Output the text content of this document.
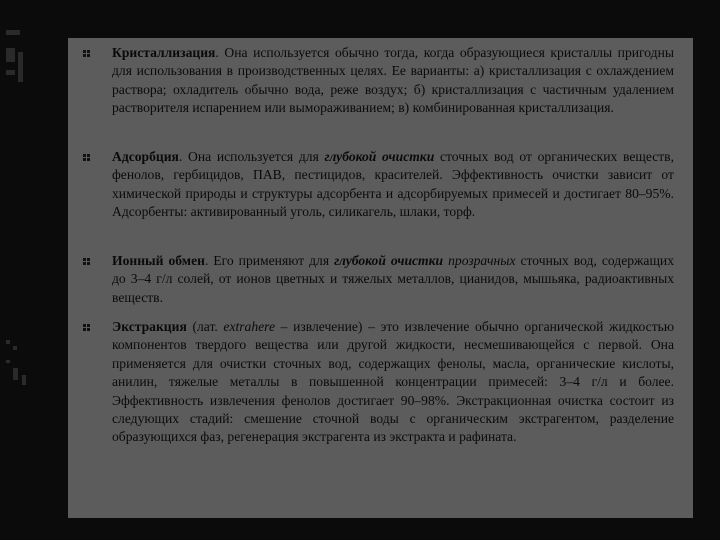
Кристаллизация. Она используется обычно тогда, когда образующиеся кристаллы пригодны для использования в производственных целях. Ее варианты: а) кристаллизация с охлаждением раствора; охладитель обычно вода, реже воздух; б) кристаллизация с частичным удалением растворителя испарением или вымораживанием; в) комбинированная кристаллизация.
Адсорбция. Она используется для глубокой очистки сточных вод от органических веществ, фенолов, гербицидов, ПАВ, пестицидов, красителей. Эффективность очистки зависит от химической природы и структуры адсорбента и адсорбируемых примесей и достигает 80–95%. Адсорбенты: активированный уголь, силикагель, шлаки, торф.
Ионный обмен. Его применяют для глубокой очистки прозрачных сточных вод, содержащих до 3–4 г/л солей, от ионов цветных и тяжелых металлов, цианидов, мышьяка, радиоактивных веществ.
Экстракция (лат. extrahere – извлечение) – это извлечение обычно органической жидкостью компонентов твердого вещества или другой жидкости, несмешивающейся с первой. Она применяется для очистки сточных вод, содержащих фенолы, масла, органические кислоты, анилин, тяжелые металлы в повышенной концентрации примесей: 3–4 г/л и более. Эффективность извлечения фенолов достигает 90–98%. Экстракционная очистка состоит из следующих стадий: смешение сточной воды с органическим экстрагентом, разделение образующихся фаз, регенерация экстрагента из экстракта и рафината.
